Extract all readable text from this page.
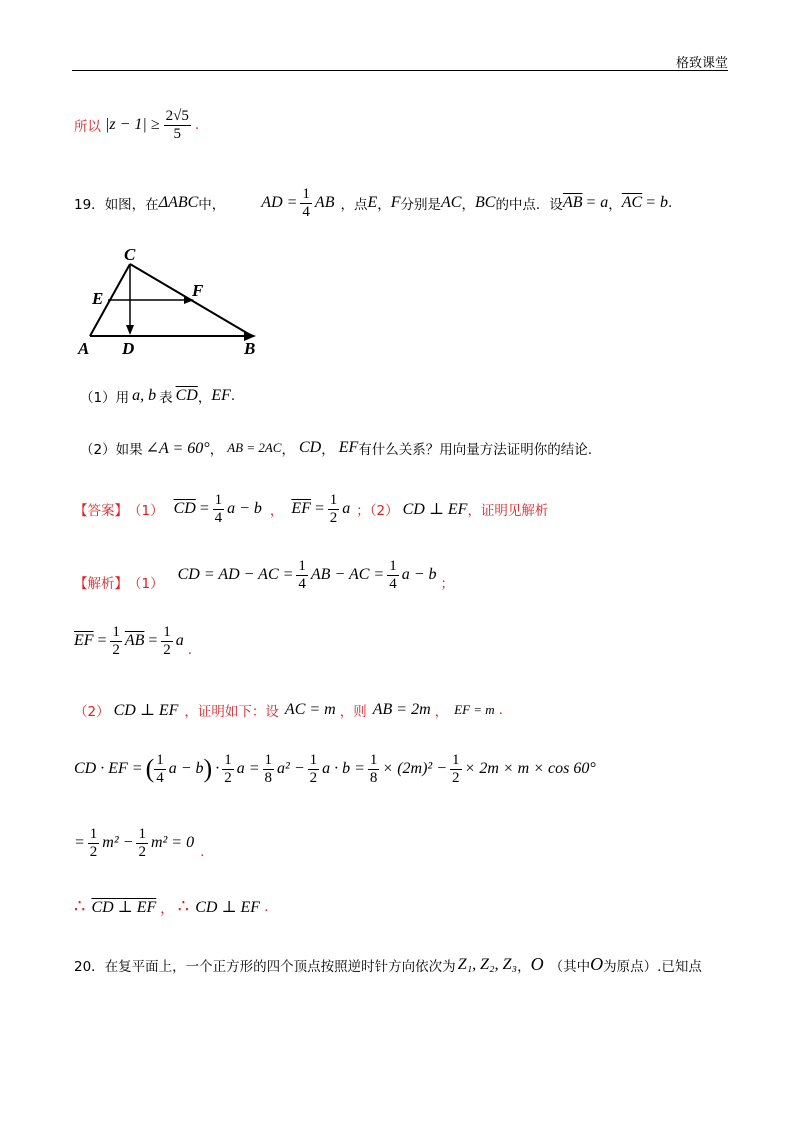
格致课堂
所以 $|z - 1| \ge \frac{2√5}{5}$ .
19． 如图，在 ΔABC 中， AD = $\frac{1}{4}$ AB ，点 E ， F 分别是 AC ， BC 的中点．设 $\overline{AB} = a$ ， $\overline{AC} = b$ .
C
E	F
A D	B
（1）用 a, b 表 $\overline{CD}$ ， EF .
（2）如果 ∠A = 60° ， AB = 2AC ， CD ， EF 有什么关系？用向量方法证明你的结论.
【答案】 （1） $\overline{CD} = \frac{1}{4}$ a − b ， $\overline{EF} = \frac{1}{2}$ a ；（2） CD ⊥ EF ，证明见解析
【解析】 （1）
CD = AD − AC = $\frac{1}{4}$ AB − AC = $\frac{1}{4}$ a − b
；
$\overline{EF} = \frac{1}{2} \overline{AB} = \frac{1}{2}$ a
.
（2） CD ⊥ EF ，证明如下：设 AC = m ，则 AB = 2m ， EF = m .
CD · EF = ( $\frac{1}{4}$ a − b ) · $\frac{1}{2}$ $a = \frac{1}{8} a^2 - \frac{1}{2}$ $a \cdot b = \frac{1}{8} \times (2m)^2 - \frac{1}{2} \times 2m \times m \times \cos 60^\circ$
= $\frac{1}{2} m^2 - \frac{1}{2} m^2 = 0$
.
∴ CD ⊥ EF ， ∴ CD ⊥ EF .
20． 在复平面上，一个正方形的四个顶点按照逆时针方向依次为 Z₁, Z₂, Z₃ ， O （其中 O 为原点）.已知点
